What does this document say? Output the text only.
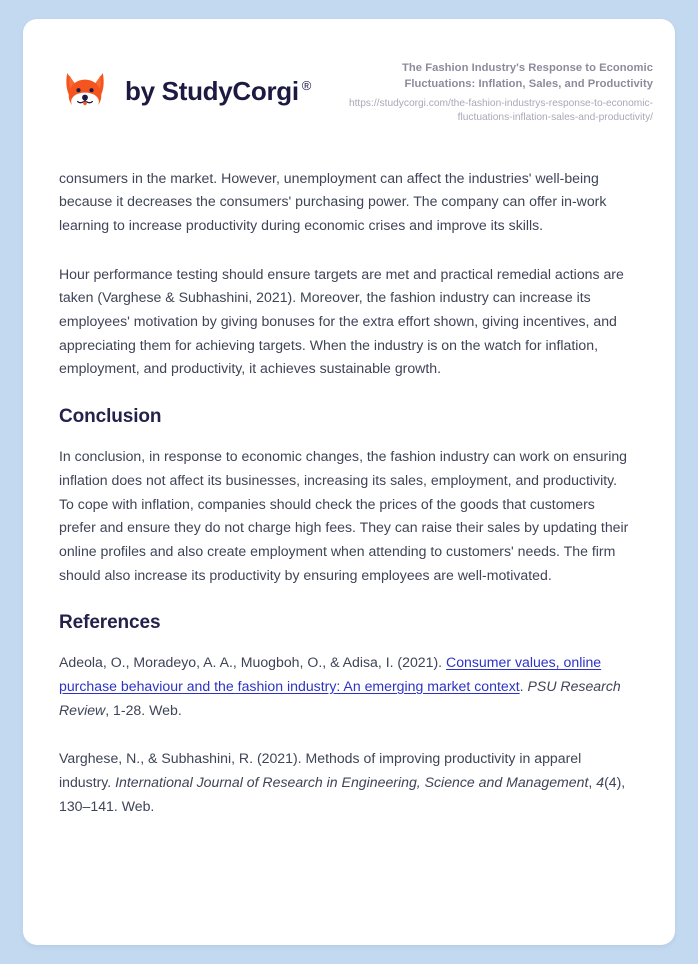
by StudyCorgi ®
The Fashion Industry's Response to Economic Fluctuations: Inflation, Sales, and Productivity
https://studycorgi.com/the-fashion-industrys-response-to-economic-fluctuations-inflation-sales-and-productivity/

consumers in the market. However, unemployment can affect the industries' well-being because it decreases the consumers' purchasing power. The company can offer in-work learning to increase productivity during economic crises and improve its skills.

Hour performance testing should ensure targets are met and practical remedial actions are taken (Varghese & Subhashini, 2021). Moreover, the fashion industry can increase its employees' motivation by giving bonuses for the extra effort shown, giving incentives, and appreciating them for achieving targets. When the industry is on the watch for inflation, employment, and productivity, it achieves sustainable growth.

Conclusion

In conclusion, in response to economic changes, the fashion industry can work on ensuring inflation does not affect its businesses, increasing its sales, employment, and productivity. To cope with inflation, companies should check the prices of the goods that customers prefer and ensure they do not charge high fees. They can raise their sales by updating their online profiles and also create employment when attending to customers' needs. The firm should also increase its productivity by ensuring employees are well-motivated.

References

Adeola, O., Moradeyo, A. A., Muogboh, O., & Adisa, I. (2021). Consumer values, online purchase behaviour and the fashion industry: An emerging market context. PSU Research Review, 1-28. Web.

Varghese, N., & Subhashini, R. (2021). Methods of improving productivity in apparel industry. International Journal of Research in Engineering, Science and Management, 4(4), 130–141. Web.
